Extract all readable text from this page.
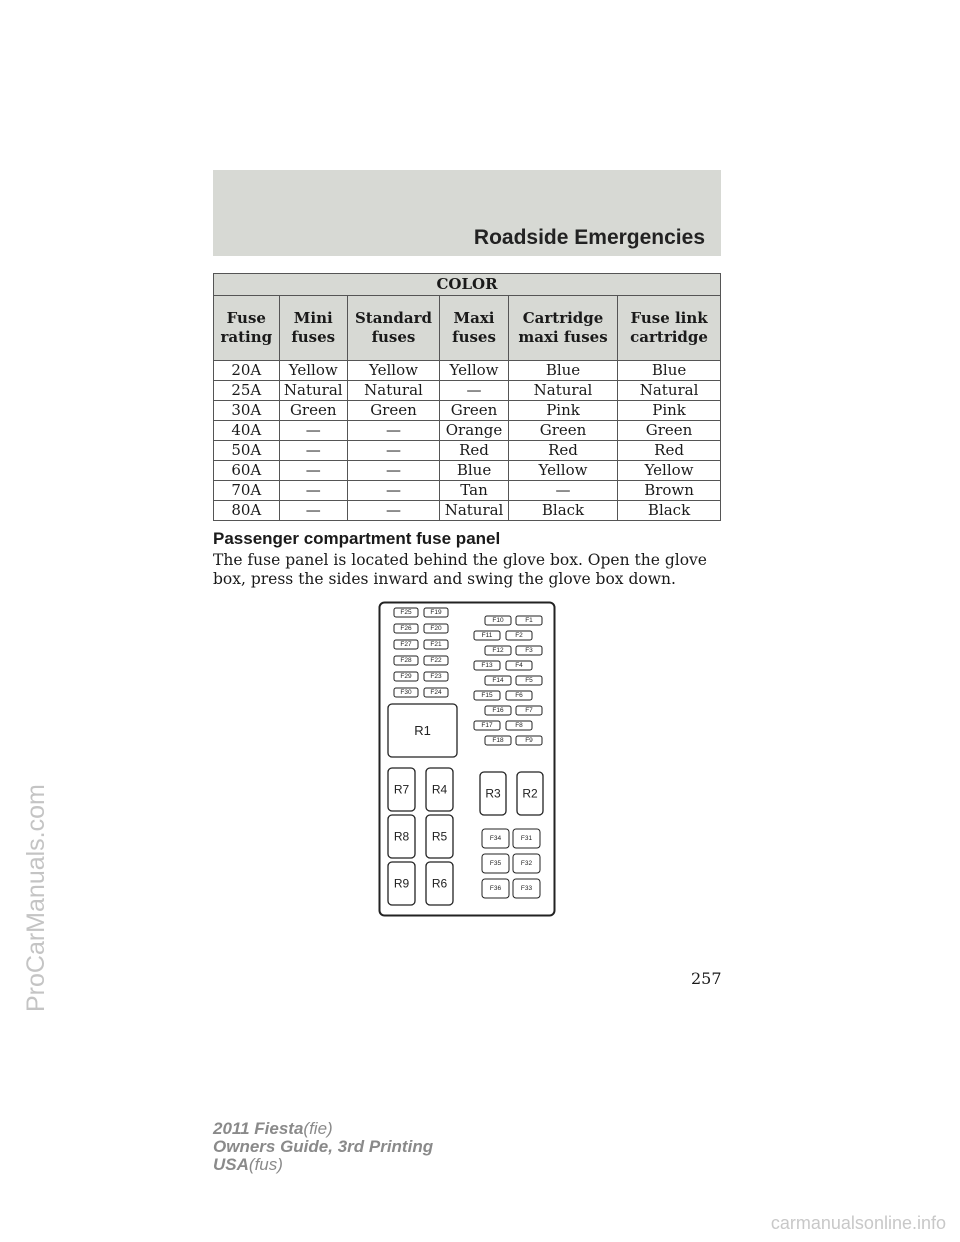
Roadside Emergencies
COLOR					
Fuse rating	Mini fuses	Standard fuses	Maxi fuses	Cartridge maxi fuses	Fuse link cartridge
20A	Yellow	Yellow	Yellow	Blue	Blue
25A	Natural	Natural	—	Natural	Natural
30A	Green	Green	Green	Pink	Pink
40A	—	—	Orange	Green	Green
50A	—	—	Red	Red	Red
60A	—	—	Blue	Yellow	Yellow
70A	—	—	Tan	—	Brown
80A	—	—	Natural	Black	Black
Passenger compartment fuse panel
The fuse panel is located behind the glove box. Open the glove box, press the sides inward and swing the glove box down.
F25	F19
F26	F20
F27	F21
F28	F22
F29	F23
F30	F24
F10	F1
F11	F2
F12	F3
F13	F4
F14	F5
F15	F6
F16	F7
F17	F8
F18	F9
R1
R7 R4
R8 R5
R9 R6
R3 R2
F34	F31
F35	F32
F36	F33
257
2011 Fiesta(fie)
Owners Guide, 3rd Printing
USA(fus)
ProCarManuals.com
carmanualsonline.info
